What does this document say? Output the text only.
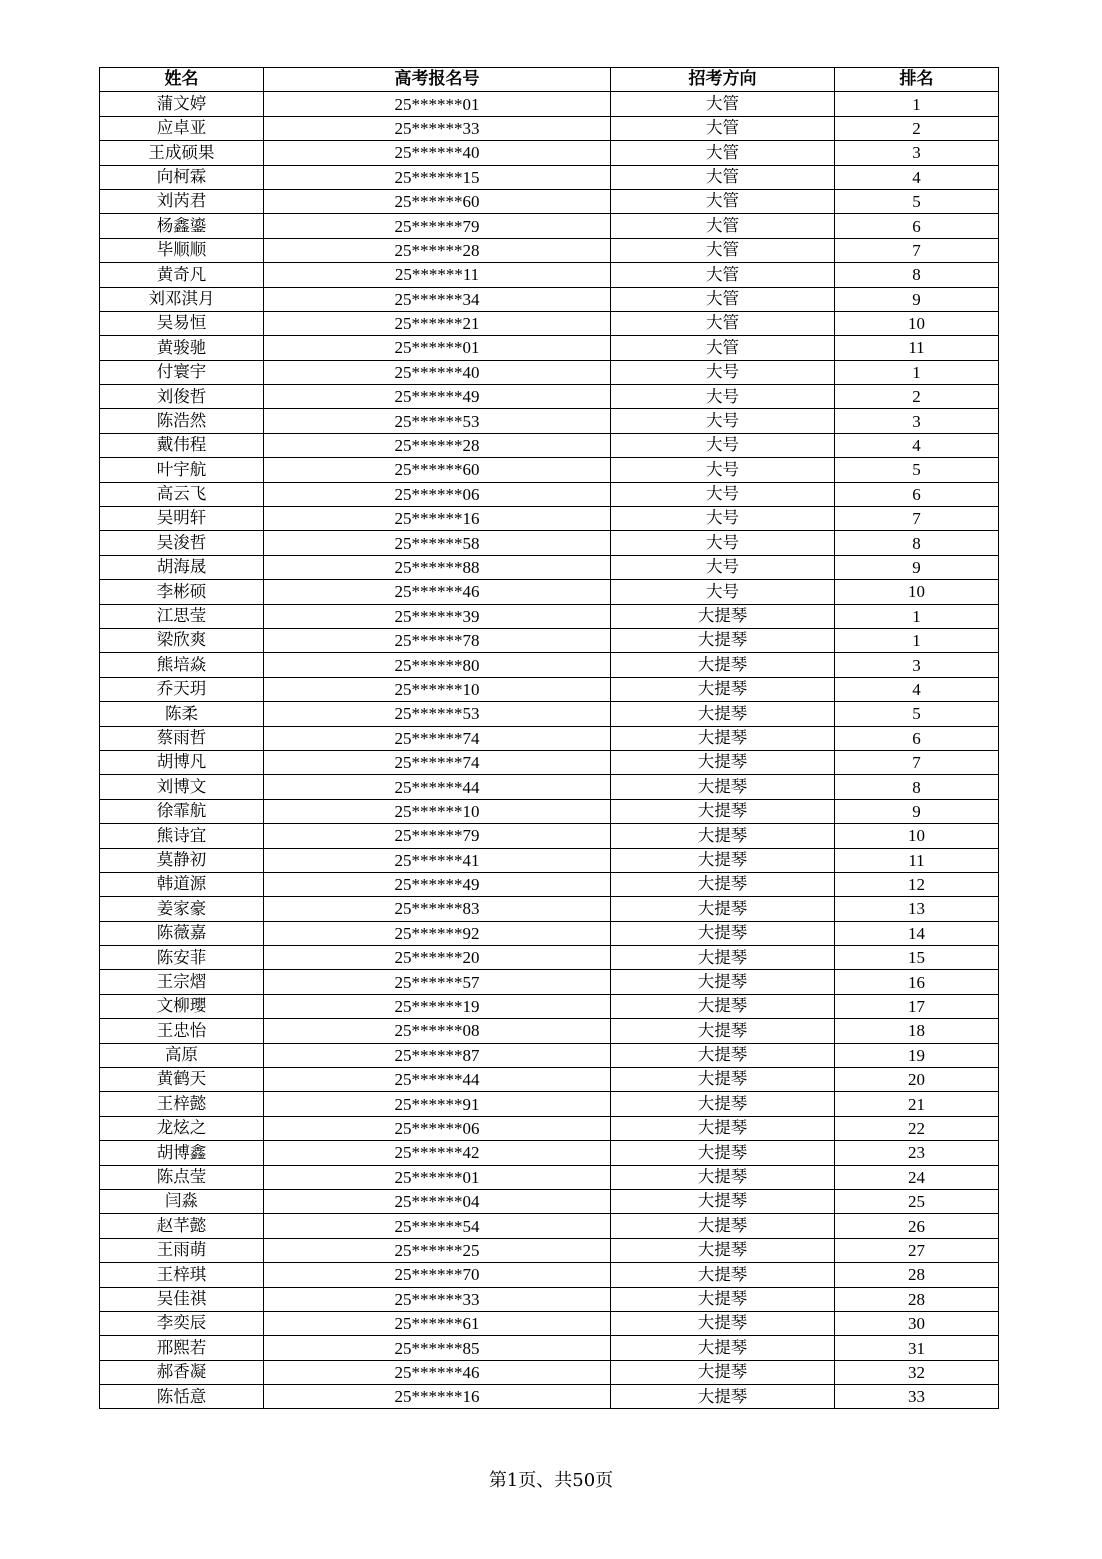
姓名	高考报名号	招考方向	排名
蒲文婷	25******01	大管	1
应卓亚	25******33	大管	2
王成硕果	25******40	大管	3
向柯霖	25******15	大管	4
刘芮君	25******60	大管	5
杨鑫鎏	25******79	大管	6
毕顺顺	25******28	大管	7
黄奇凡	25******11	大管	8
刘邓淇月	25******34	大管	9
吴易恒	25******21	大管	10
黄骏驰	25******01	大管	11
付寰宇	25******40	大号	1
刘俊哲	25******49	大号	2
陈浩然	25******53	大号	3
戴伟程	25******28	大号	4
叶宇航	25******60	大号	5
高云飞	25******06	大号	6
吴明轩	25******16	大号	7
吴浚哲	25******58	大号	8
胡海晟	25******88	大号	9
李彬硕	25******46	大号	10
江思莹	25******39	大提琴	1
梁欣爽	25******78	大提琴	1
熊培焱	25******80	大提琴	3
乔天玥	25******10	大提琴	4
陈柔	25******53	大提琴	5
蔡雨哲	25******74	大提琴	6
胡博凡	25******74	大提琴	7
刘博文	25******44	大提琴	8
徐霏航	25******10	大提琴	9
熊诗宜	25******79	大提琴	10
莫静初	25******41	大提琴	11
韩道源	25******49	大提琴	12
姜家豪	25******83	大提琴	13
陈薇嘉	25******92	大提琴	14
陈安菲	25******20	大提琴	15
王宗熠	25******57	大提琴	16
文柳瓔	25******19	大提琴	17
王忠怡	25******08	大提琴	18
高原	25******87	大提琴	19
黄鹤天	25******44	大提琴	20
王梓懿	25******91	大提琴	21
龙炫之	25******06	大提琴	22
胡博鑫	25******42	大提琴	23
陈点莹	25******01	大提琴	24
闫淼	25******04	大提琴	25
赵芊懿	25******54	大提琴	26
王雨萌	25******25	大提琴	27
王梓琪	25******70	大提琴	28
吴佳祺	25******33	大提琴	28
李奕辰	25******61	大提琴	30
邢熙若	25******85	大提琴	31
郝香凝	25******46	大提琴	32
陈恬意	25******16	大提琴	33
第1页、共50页
